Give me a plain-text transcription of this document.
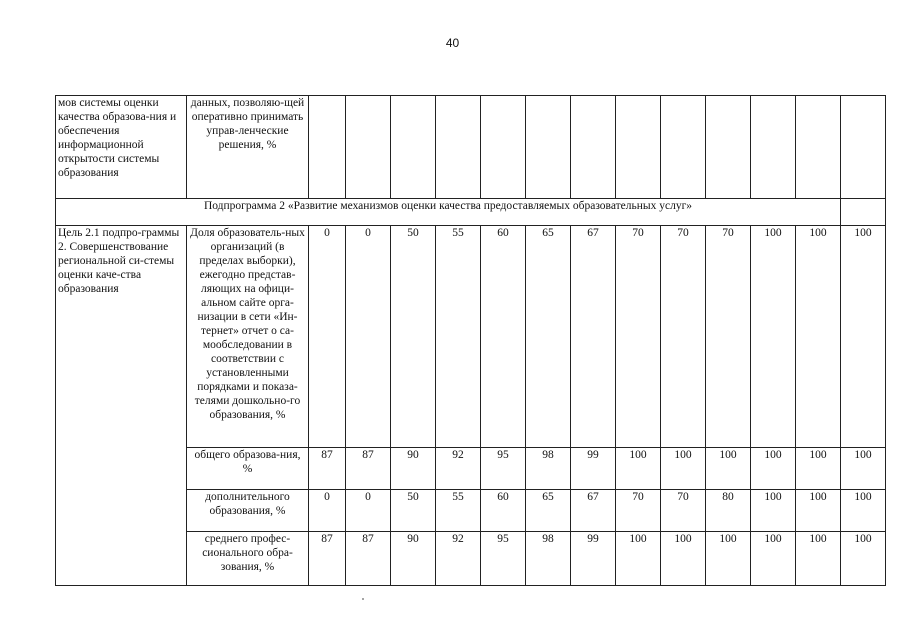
40
мов системы оценки качества образова-ния и обеспечения информационной открытости системы образования	данных, позволяю-щей оперативно принимать управ-ленческие решения, %													
Подпрограмма 2 «Развитие механизмов оценки качества предоставляемых образовательных услуг»														
Цель 2.1 подпро-граммы 2. Совершенствование региональной си-стемы оценки каче-ства образования	Доля образователь-ных организаций (в пределах выборки), ежегодно представ-ляющих на офици-альном сайте орга-низации в сети «Ин-тернет» отчет о са-мообследовании в соответствии с установленными порядками и показа-телями дошкольно-го образования, %	0	0	50	55	60	65	67	70	70	70	100	100	100
	общего образова-ния, %	87	87	90	92	95	98	99	100	100	100	100	100	100
	дополнительного образования, %	0	0	50	55	60	65	67	70	70	80	100	100	100
	среднего профес-сионального обра-зования, %	87	87	90	92	95	98	99	100	100	100	100	100	100
